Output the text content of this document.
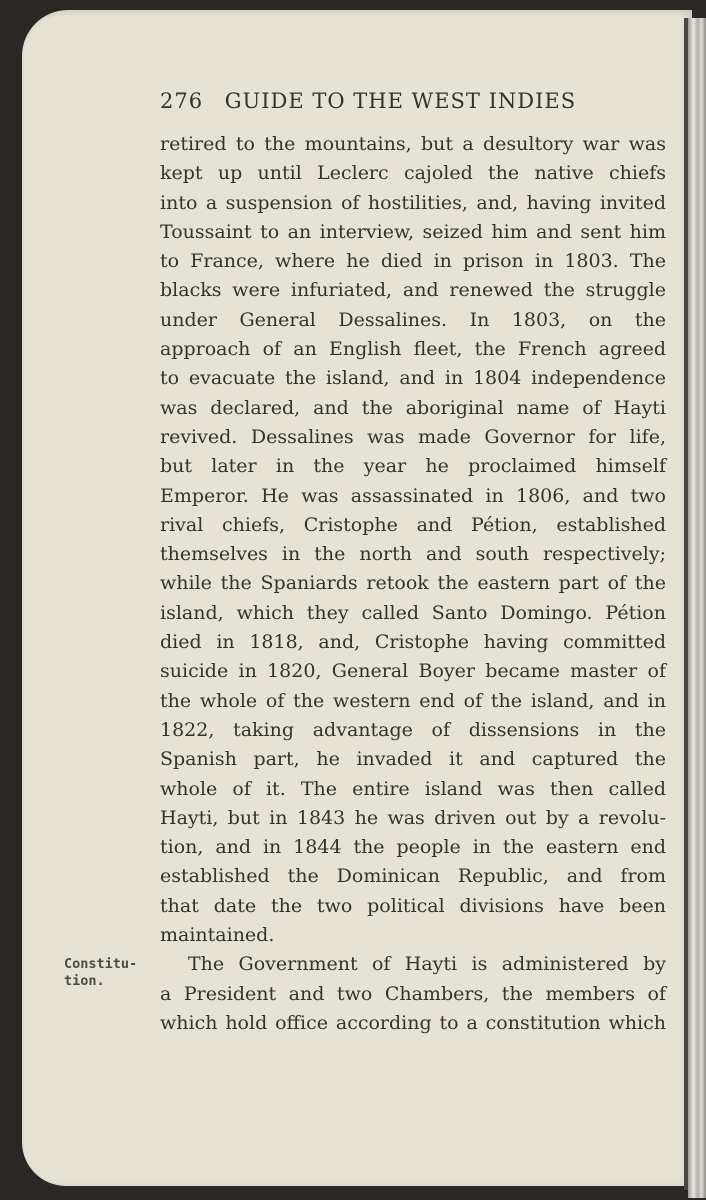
276 GUIDE TO THE WEST INDIES
retired to the mountains, but a desultory war was
kept up until Leclerc cajoled the native chiefs
into a suspension of hostilities, and, having invited
Toussaint to an interview, seized him and sent him
to France, where he died in prison in 1803. The
blacks were infuriated, and renewed the struggle
under General Dessalines. In 1803, on the
approach of an English fleet, the French agreed
to evacuate the island, and in 1804 independence
was declared, and the aboriginal name of Hayti
revived. Dessalines was made Governor for life,
but later in the year he proclaimed himself
Emperor. He was assassinated in 1806, and two
rival chiefs, Cristophe and Pétion, established
themselves in the north and south respectively;
while the Spaniards retook the eastern part of the
island, which they called Santo Domingo. Pétion
died in 1818, and, Cristophe having committed
suicide in 1820, General Boyer became master of
the whole of the western end of the island, and in
1822, taking advantage of dissensions in the
Spanish part, he invaded it and captured the
whole of it. The entire island was then called
Hayti, but in 1843 he was driven out by a revolu-
tion, and in 1844 the people in the eastern end
established the Dominican Republic, and from
that date the two political divisions have been
maintained.
The Government of Hayti is administered by
a President and two Chambers, the members of
which hold office according to a constitution which
Constitu-
tion.
